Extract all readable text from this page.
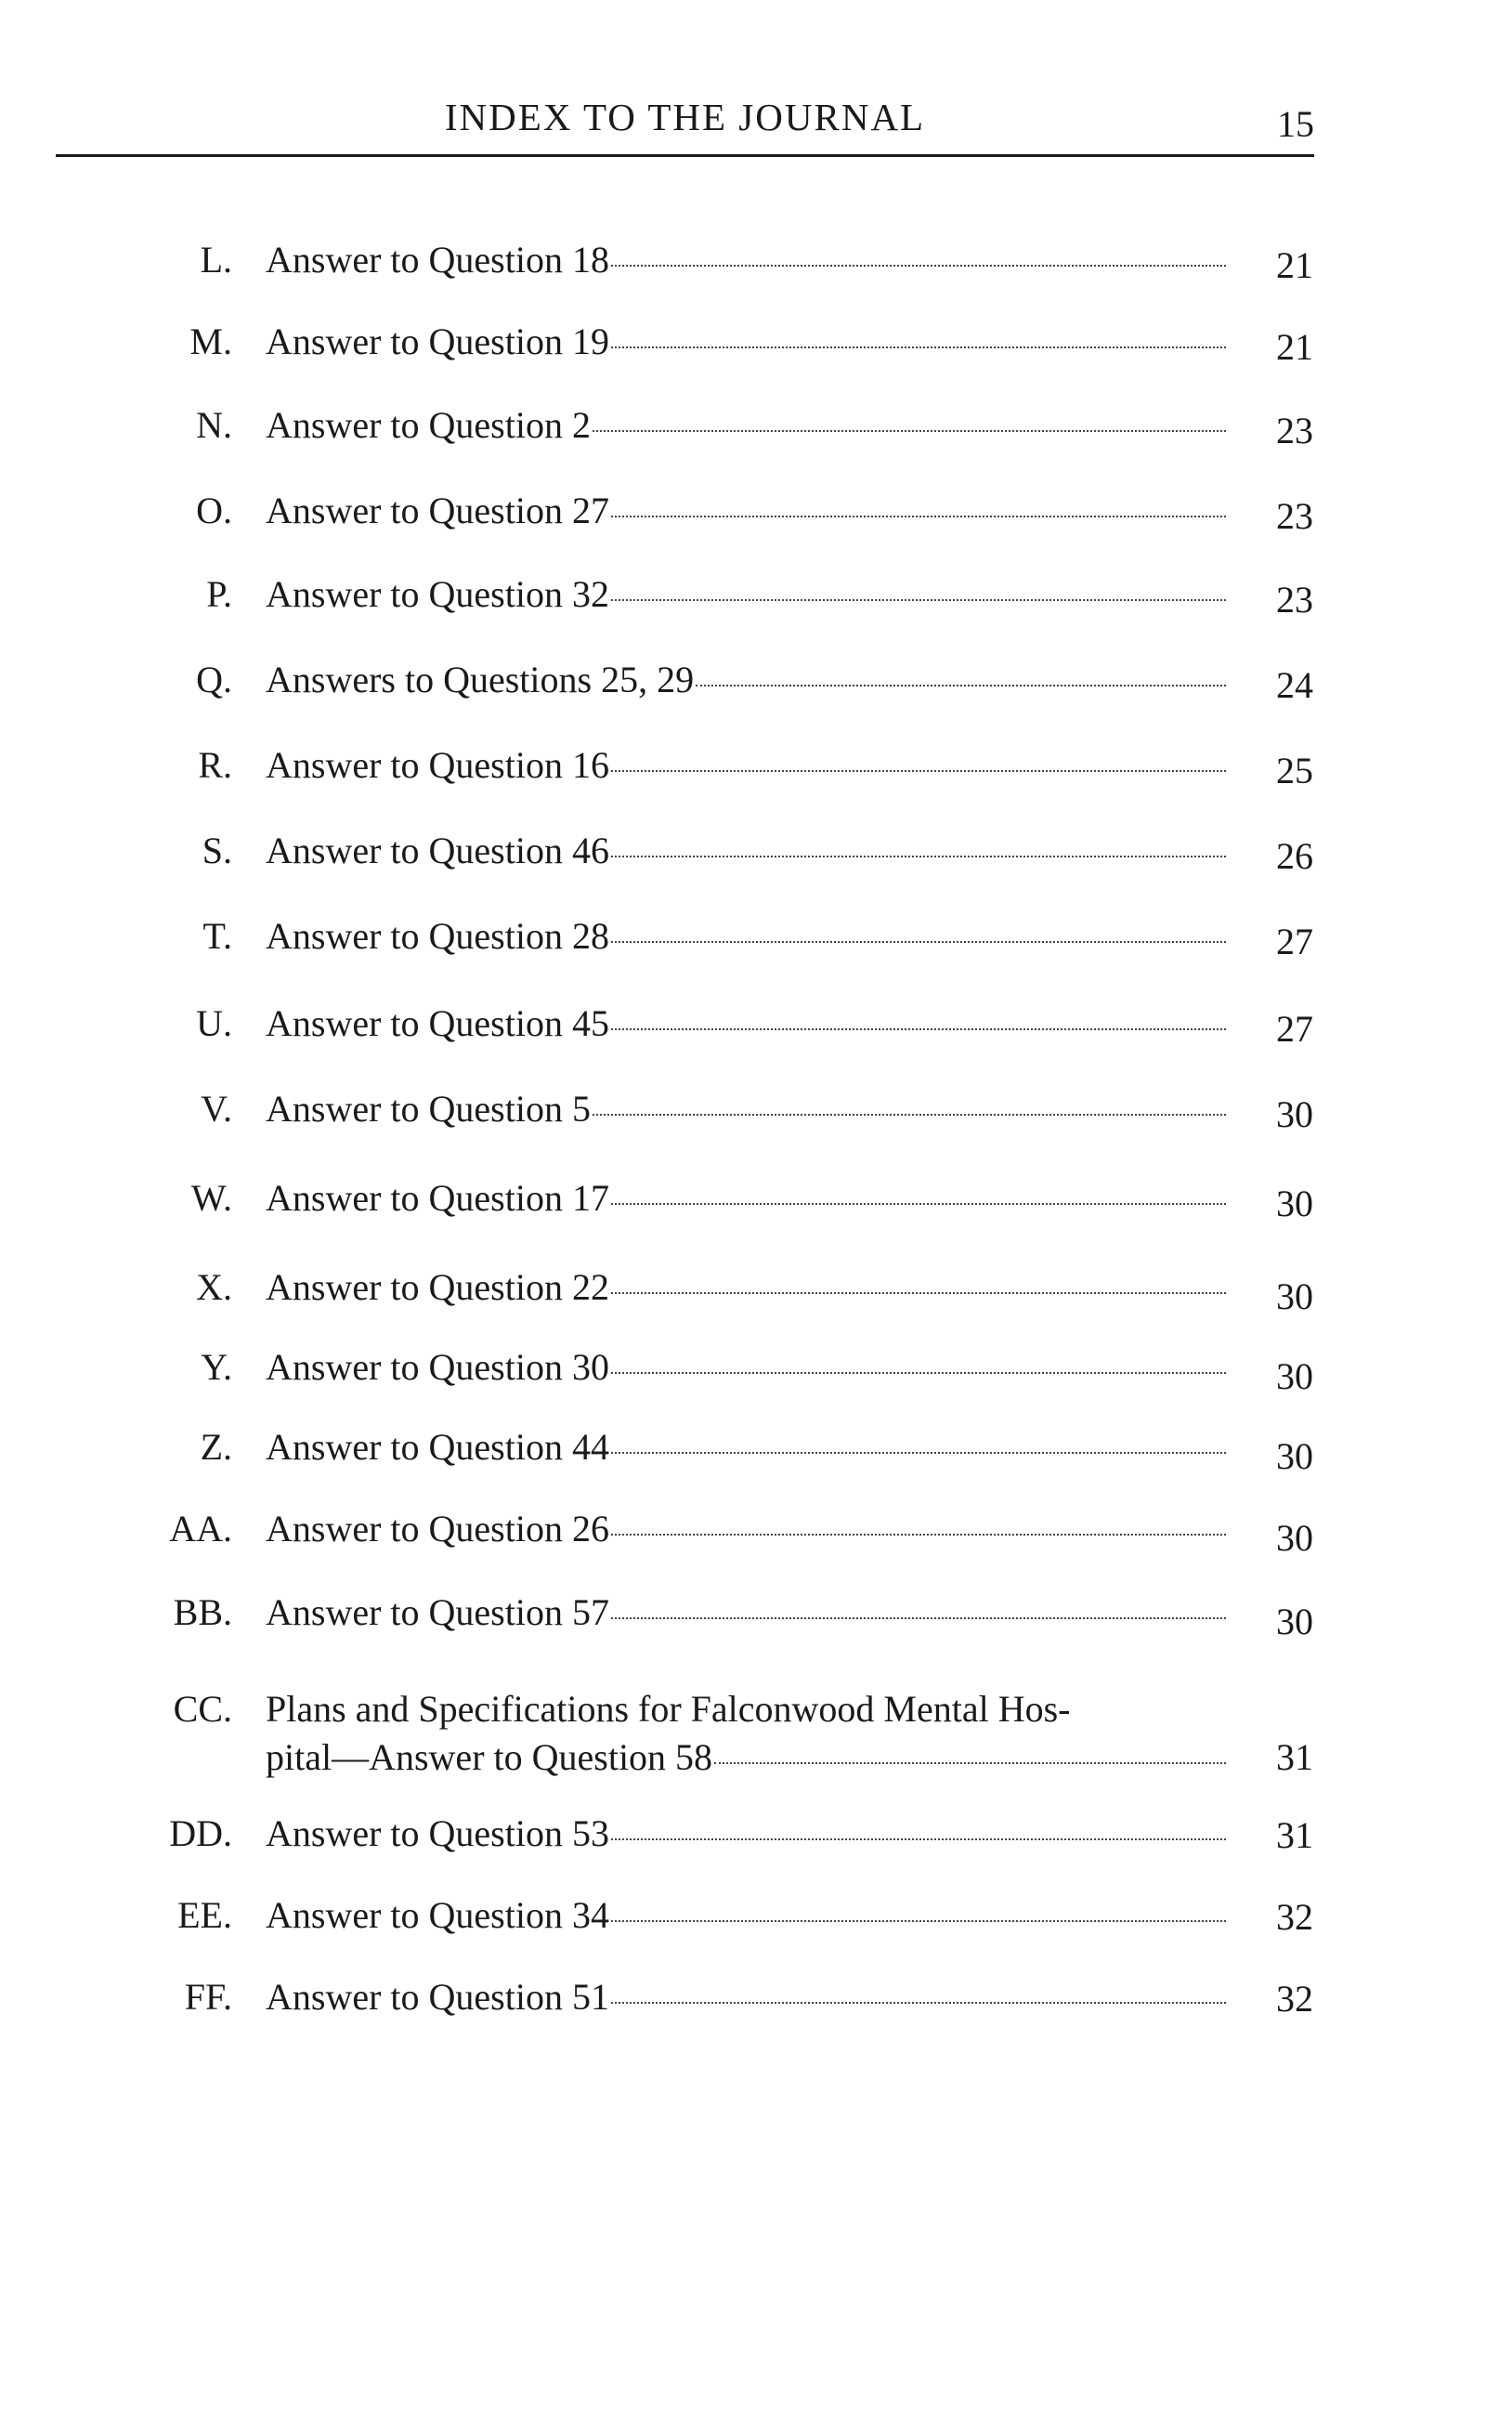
INDEX TO THE JOURNAL	15
L. Answer to Question 18	21
M. Answer to Question 19	21
N. Answer to Question 2	23
O. Answer to Question 27	23
P. Answer to Question 32	23
Q. Answers to Questions 25, 29	24
R. Answer to Question 16	25
S. Answer to Question 46	26
T. Answer to Question 28	27
U. Answer to Question 45	27
V. Answer to Question 5	30
W. Answer to Question 17	30
X. Answer to Question 22	30
Y. Answer to Question 30	30
Z. Answer to Question 44	30
AA. Answer to Question 26	30
BB. Answer to Question 57	30
CC. Plans and Specifications for Falconwood Mental Hos-
pital—Answer to Question 58	31
DD. Answer to Question 53	31
EE. Answer to Question 34	32
FF. Answer to Question 51	32
